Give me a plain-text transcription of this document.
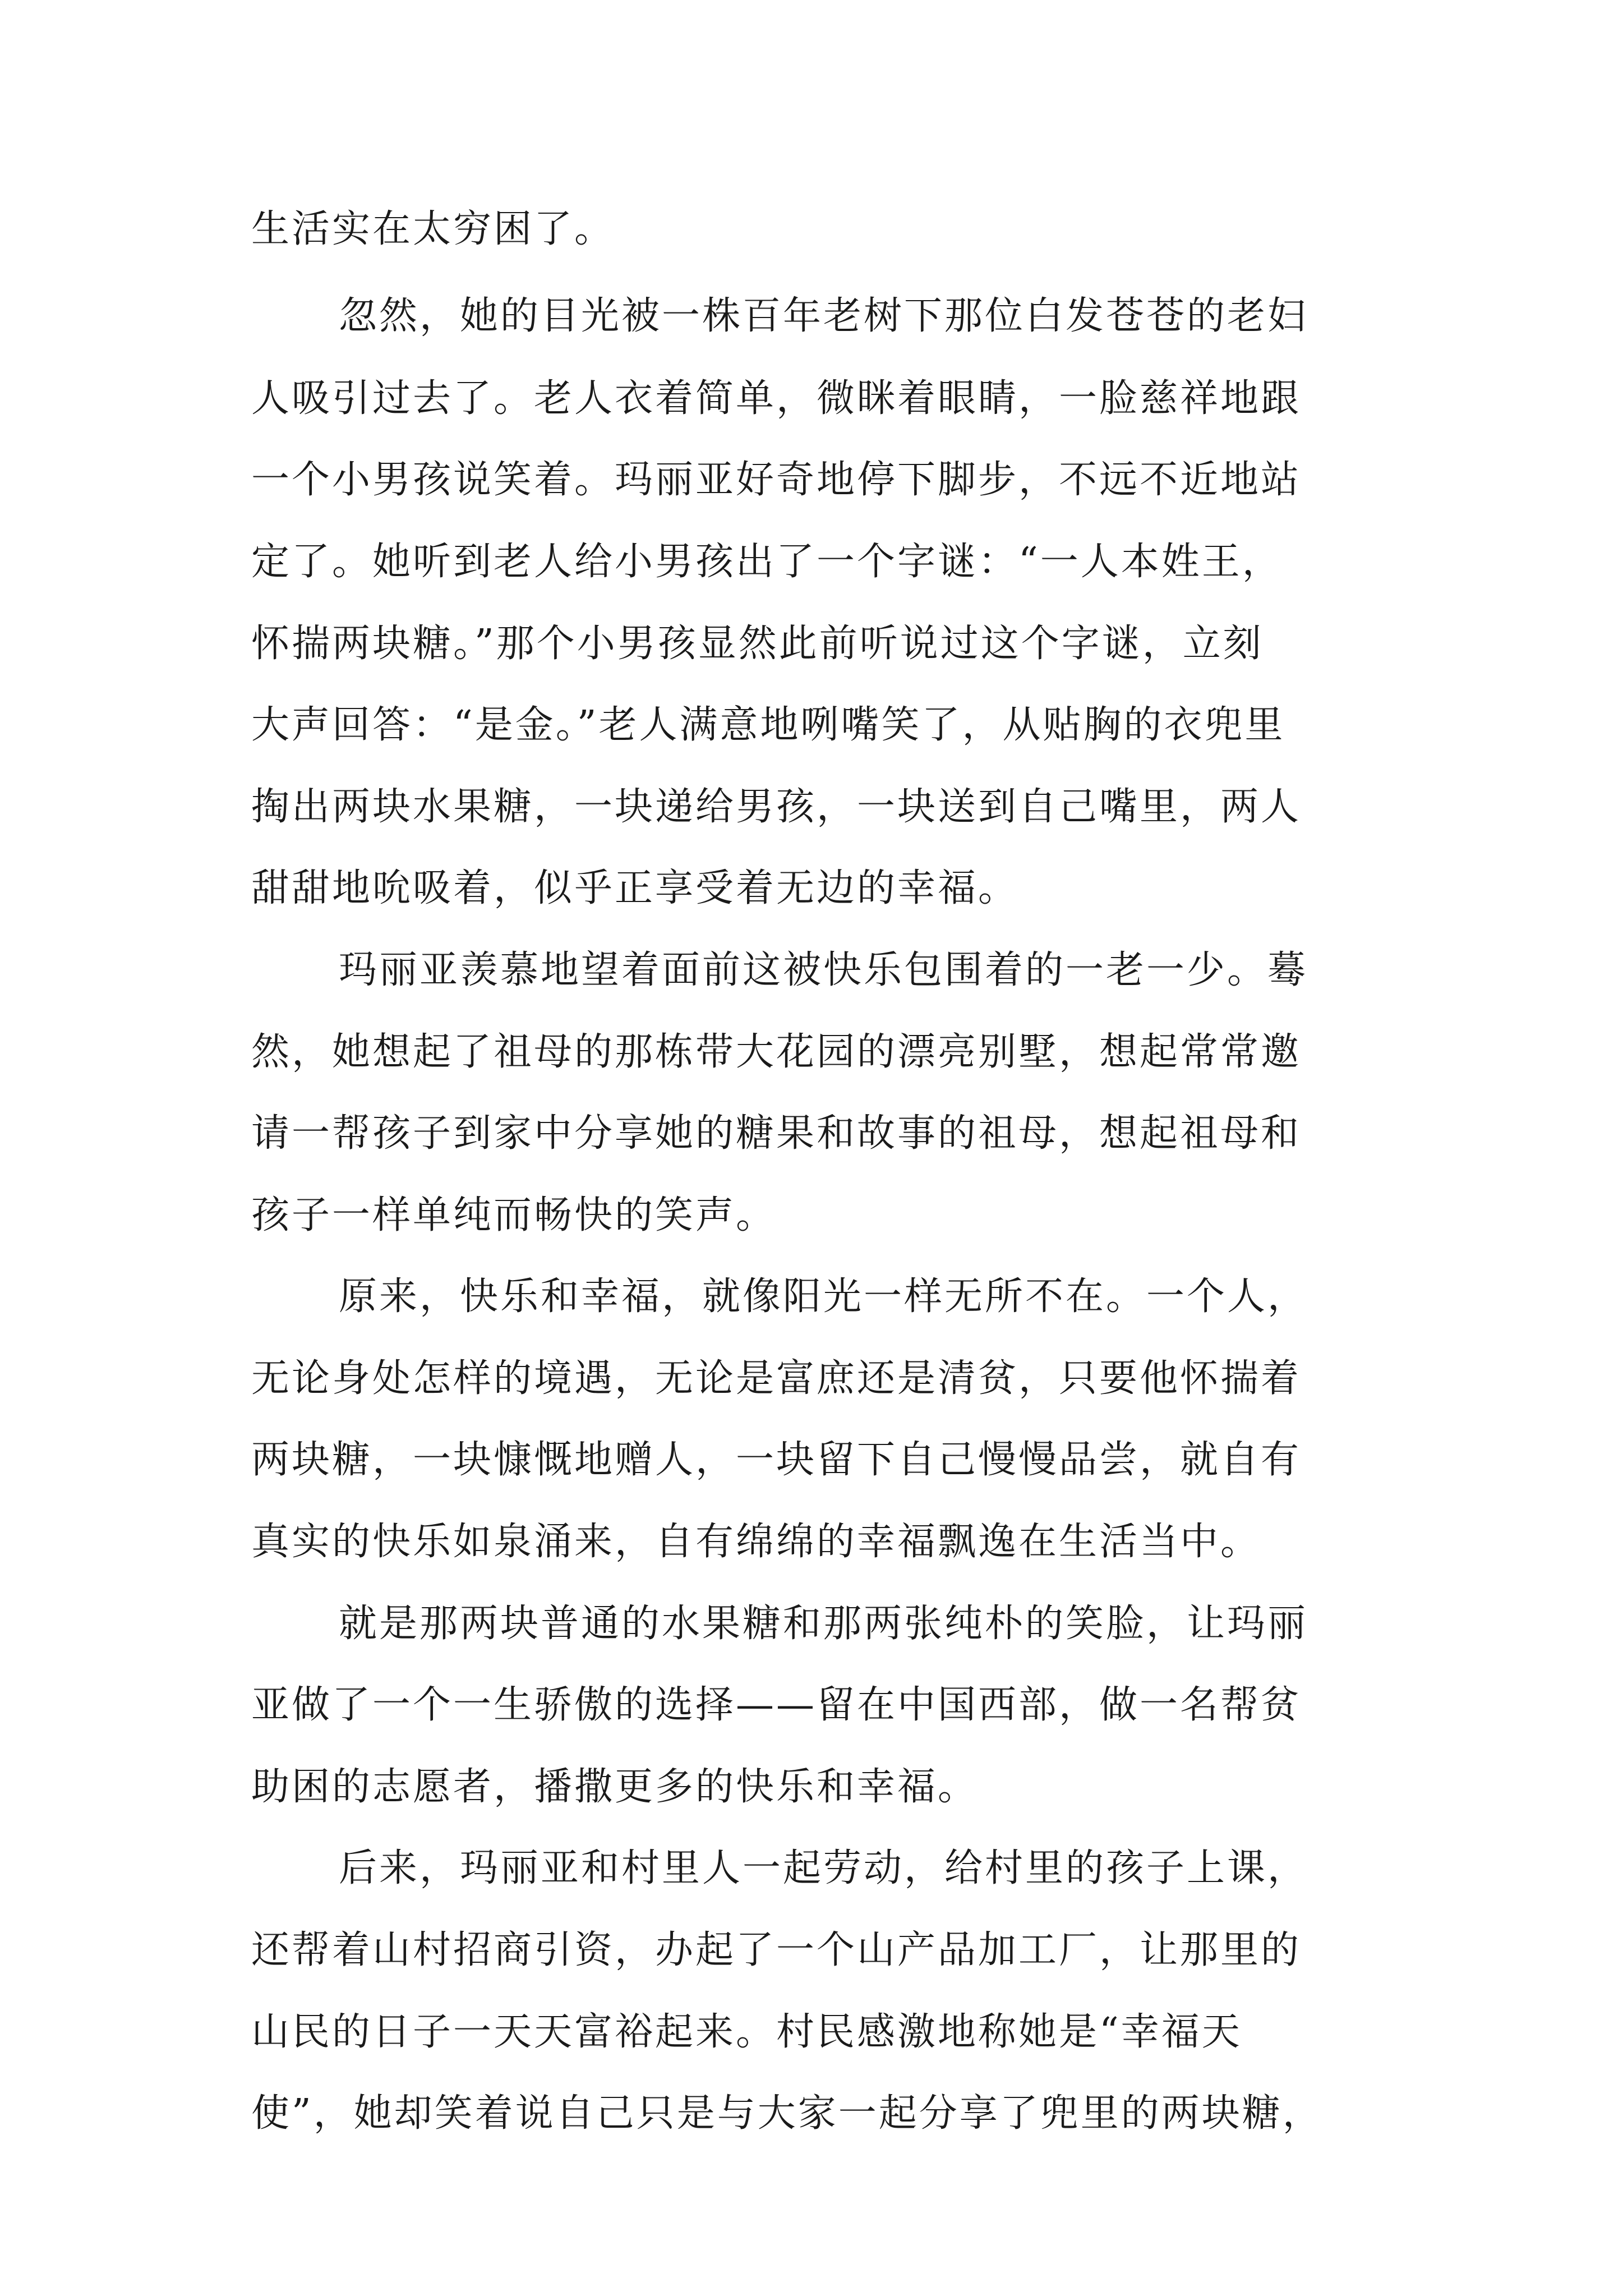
生活实在太穷困了。
忽然，她的目光被一株百年老树下那位白发苍苍的老妇
人吸引过去了。老人衣着简单，微眯着眼睛，一脸慈祥地跟
一个小男孩说笑着。玛丽亚好奇地停下脚步，不远不近地站
定了。她听到老人给小男孩出了一个字谜：“一人本姓王，
怀揣两块糖。”那个小男孩显然此前听说过这个字谜，立刻
大声回答：“是金。”老人满意地咧嘴笑了，从贴胸的衣兜里
掏出两块水果糖，一块递给男孩，一块送到自己嘴里，两人
甜甜地吮吸着，似乎正享受着无边的幸福。
玛丽亚羡慕地望着面前这被快乐包围着的一老一少。蓦
然，她想起了祖母的那栋带大花园的漂亮别墅，想起常常邀
请一帮孩子到家中分享她的糖果和故事的祖母，想起祖母和
孩子一样单纯而畅快的笑声。
原来，快乐和幸福，就像阳光一样无所不在。一个人，
无论身处怎样的境遇，无论是富庶还是清贫，只要他怀揣着
两块糖，一块慷慨地赠人，一块留下自己慢慢品尝，就自有
真实的快乐如泉涌来，自有绵绵的幸福飘逸在生活当中。
就是那两块普通的水果糖和那两张纯朴的笑脸，让玛丽
亚做了一个一生骄傲的选择——留在中国西部，做一名帮贫
助困的志愿者，播撒更多的快乐和幸福。
后来，玛丽亚和村里人一起劳动，给村里的孩子上课，
还帮着山村招商引资，办起了一个山产品加工厂，让那里的
山民的日子一天天富裕起来。村民感激地称她是“幸福天
使”，她却笑着说自己只是与大家一起分享了兜里的两块糖，
